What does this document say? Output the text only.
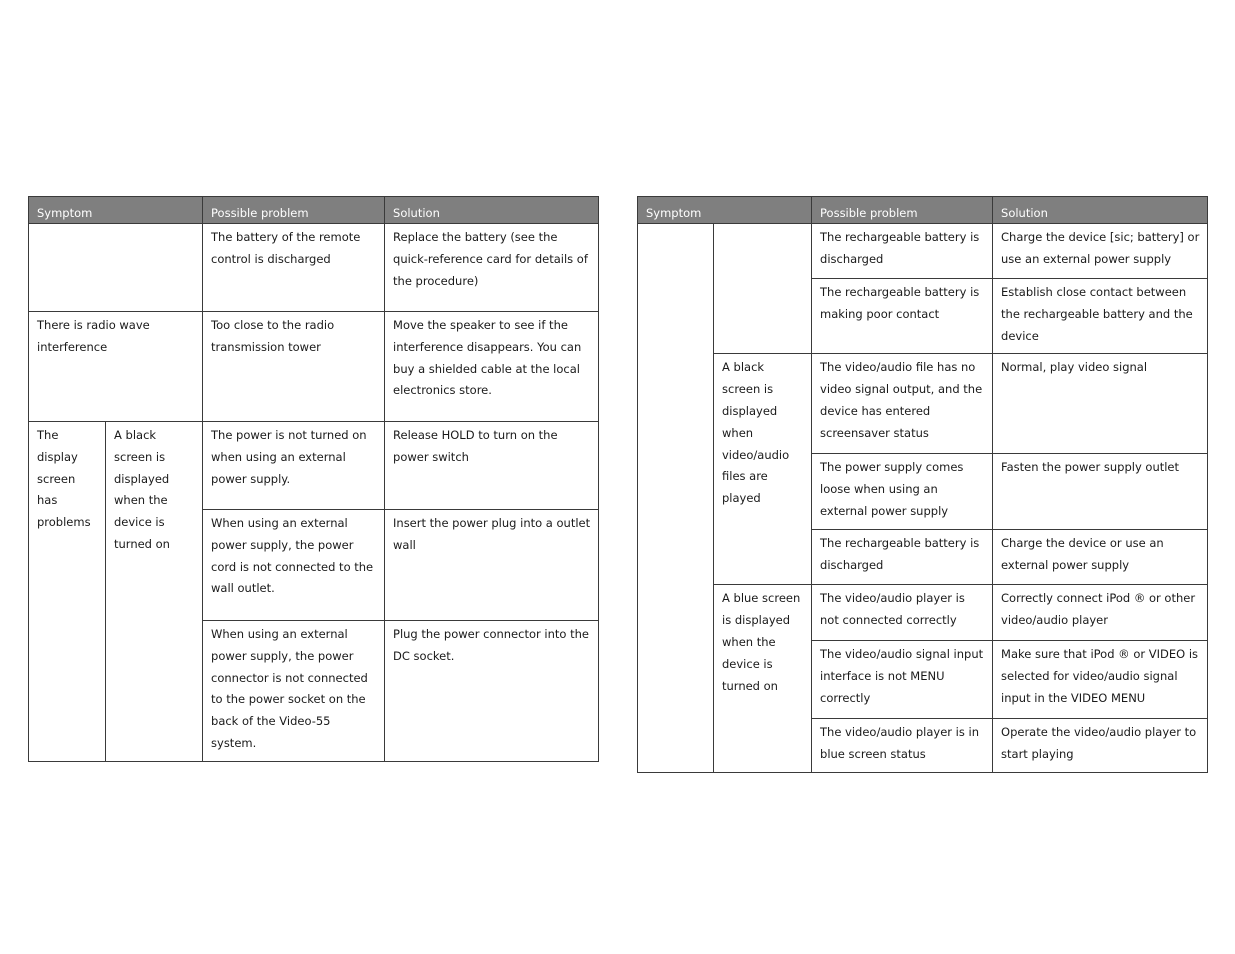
Symptom		Possible problem	Solution
		The battery of the remote control is discharged	Replace the battery (see the quick-reference card for details of the procedure)
There is radio wave interference		Too close to the radio transmission tower	Move the speaker to see if the interference disappears. You can buy a shielded cable at the local electronics store.
The display screen has problems	A black screen is displayed when the device is turned on	The power is not turned on when using an external power supply.	Release HOLD to turn on the power switch
		When using an external power supply, the power cord is not connected to the wall outlet.	Insert the power plug into a outlet wall
		When using an external power supply, the power connector is not connected to the power socket on the back of the Video-55 system.	Plug the power connector into the DC socket.
Symptom		Possible problem	Solution
		The rechargeable battery is discharged	Charge the device [sic; battery] or use an external power supply
		The rechargeable battery is making poor contact	Establish close contact between the rechargeable battery and the device
	A black screen is displayed when video/audio files are played	The video/audio file has no video signal output, and the device has entered screensaver status	Normal, play video signal
		The power supply comes loose when using an external power supply	Fasten the power supply outlet
		The rechargeable battery is discharged	Charge the device or use an external power supply
	A blue screen is displayed when the device is turned on	The video/audio player is not connected correctly	Correctly connect iPod ® or other video/audio player
		The video/audio signal input interface is not MENU correctly	Make sure that iPod ® or VIDEO is selected for video/audio signal input in the VIDEO MENU
		The video/audio player is in blue screen status	Operate the video/audio player to start playing
